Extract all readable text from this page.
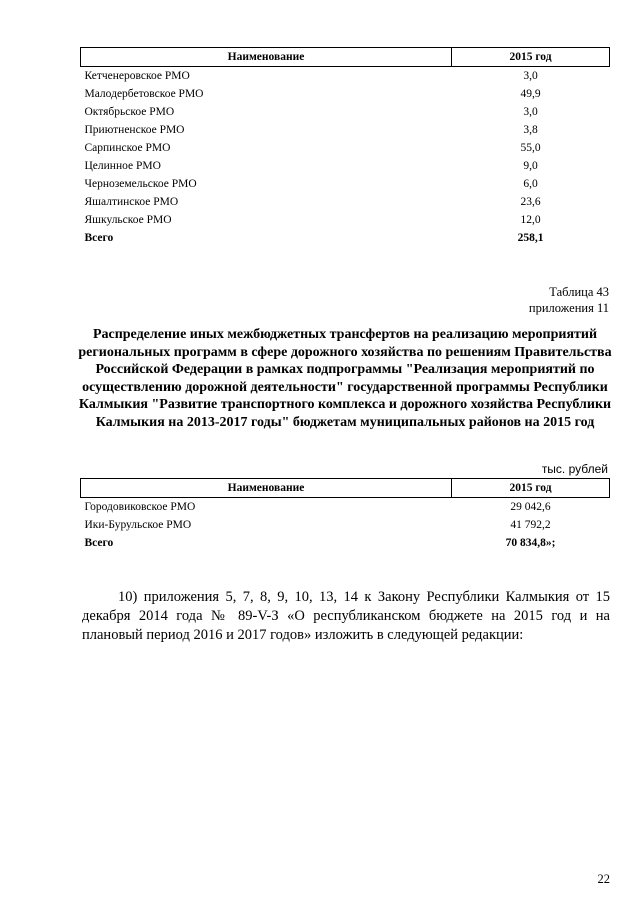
Наименование	2015 год
Кетченеровское РМО	3,0
Малодербетовское РМО	49,9
Октябрьское РМО	3,0
Приютненское РМО	3,8
Сарпинское РМО	55,0
Целинное РМО	9,0
Черноземельское РМО	6,0
Яшалтинское РМО	23,6
Яшкульское РМО	12,0
Всего	258,1
Таблица 43
приложения 11
Распределение иных межбюджетных трансфертов на реализацию мероприятий региональных программ в сфере дорожного хозяйства по решениям Правительства Российской Федерации в рамках подпрограммы "Реализация мероприятий по осуществлению дорожной деятельности" государственной программы Республики Калмыкия "Развитие транспортного комплекса и дорожного хозяйства Республики Калмыкия на 2013-2017 годы" бюджетам муниципальных районов на 2015 год
тыс. рублей
Наименование	2015 год
Городовиковское РМО	29 042,6
Ики-Бурульское РМО	41 792,2
Всего	70 834,8»;
10) приложения 5, 7, 8, 9, 10, 13, 14 к Закону Республики Калмыкия от 15 декабря 2014 года № 89-V-З «О республиканском бюджете на 2015 год и на плановый период 2016 и 2017 годов» изложить в следующей редакции:
22
